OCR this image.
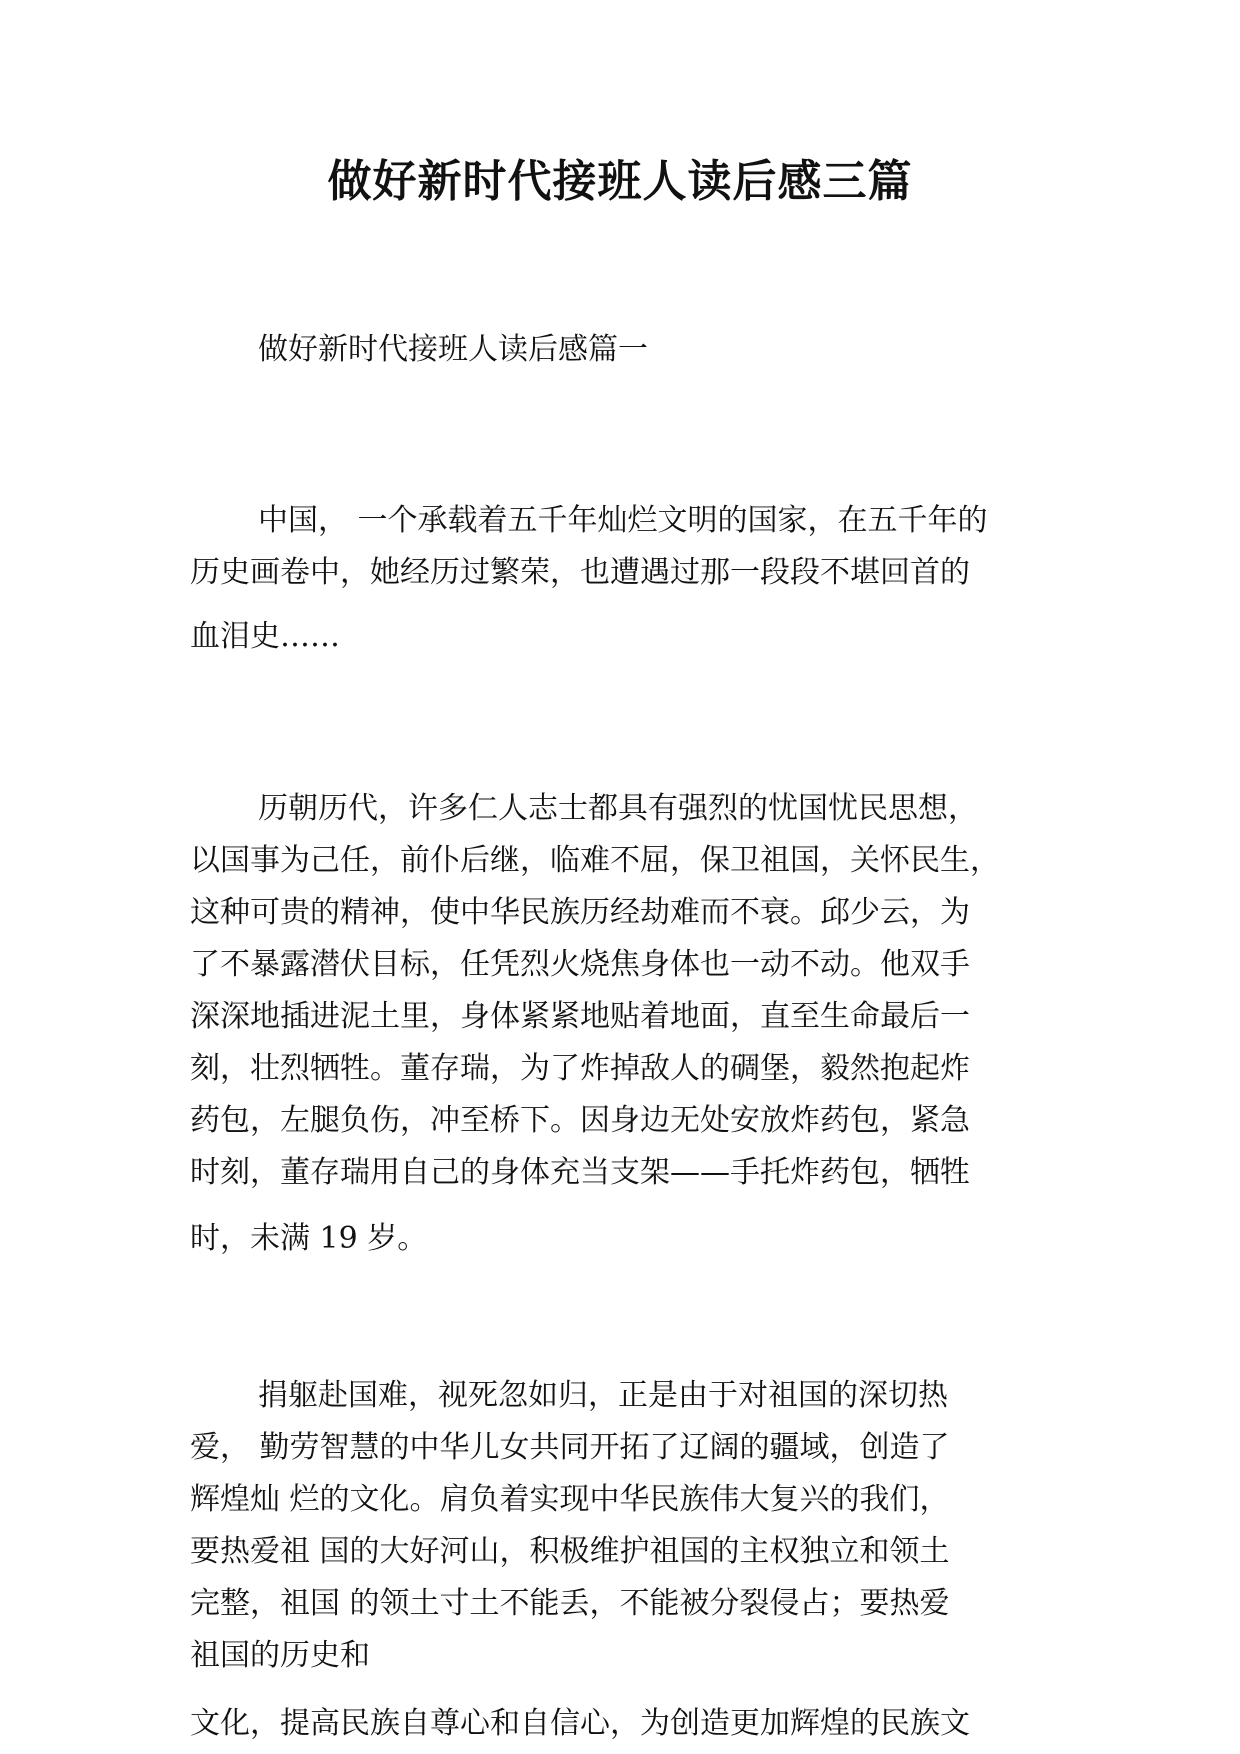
做好新时代接班人读后感三篇
做好新时代接班人读后感篇一
中国， 一个承载着五千年灿烂文明的国家，在五千年的
历史画卷中，她经历过繁荣，也遭遇过那一段段不堪回首的
血泪史……
历朝历代，许多仁人志士都具有强烈的忧国忧民思想，
以国事为己任，前仆后继，临难不屈，保卫祖国，关怀民生，
这种可贵的精神，使中华民族历经劫难而不衰。邱少云，为
了不暴露潜伏目标，任凭烈火烧焦身体也一动不动。他双手
深深地插进泥土里，身体紧紧地贴着地面，直至生命最后一
刻，壮烈牺牲。董存瑞，为了炸掉敌人的碉堡，毅然抱起炸
药包，左腿负伤，冲至桥下。因身边无处安放炸药包，紧急
时刻，董存瑞用自己的身体充当支架——手托炸药包，牺牲
时，未满 19 岁。
捐躯赴国难，视死忽如归，正是由于对祖国的深切热
爱， 勤劳智慧的中华儿女共同开拓了辽阔的疆域，创造了
辉煌灿 烂的文化。肩负着实现中华民族伟大复兴的我们，
要热爱祖 国的大好河山，积极维护祖国的主权独立和领土
完整，祖国 的领土寸土不能丢，不能被分裂侵占；要热爱
祖国的历史和
文化，提高民族自尊心和自信心，为创造更加辉煌的民族文
